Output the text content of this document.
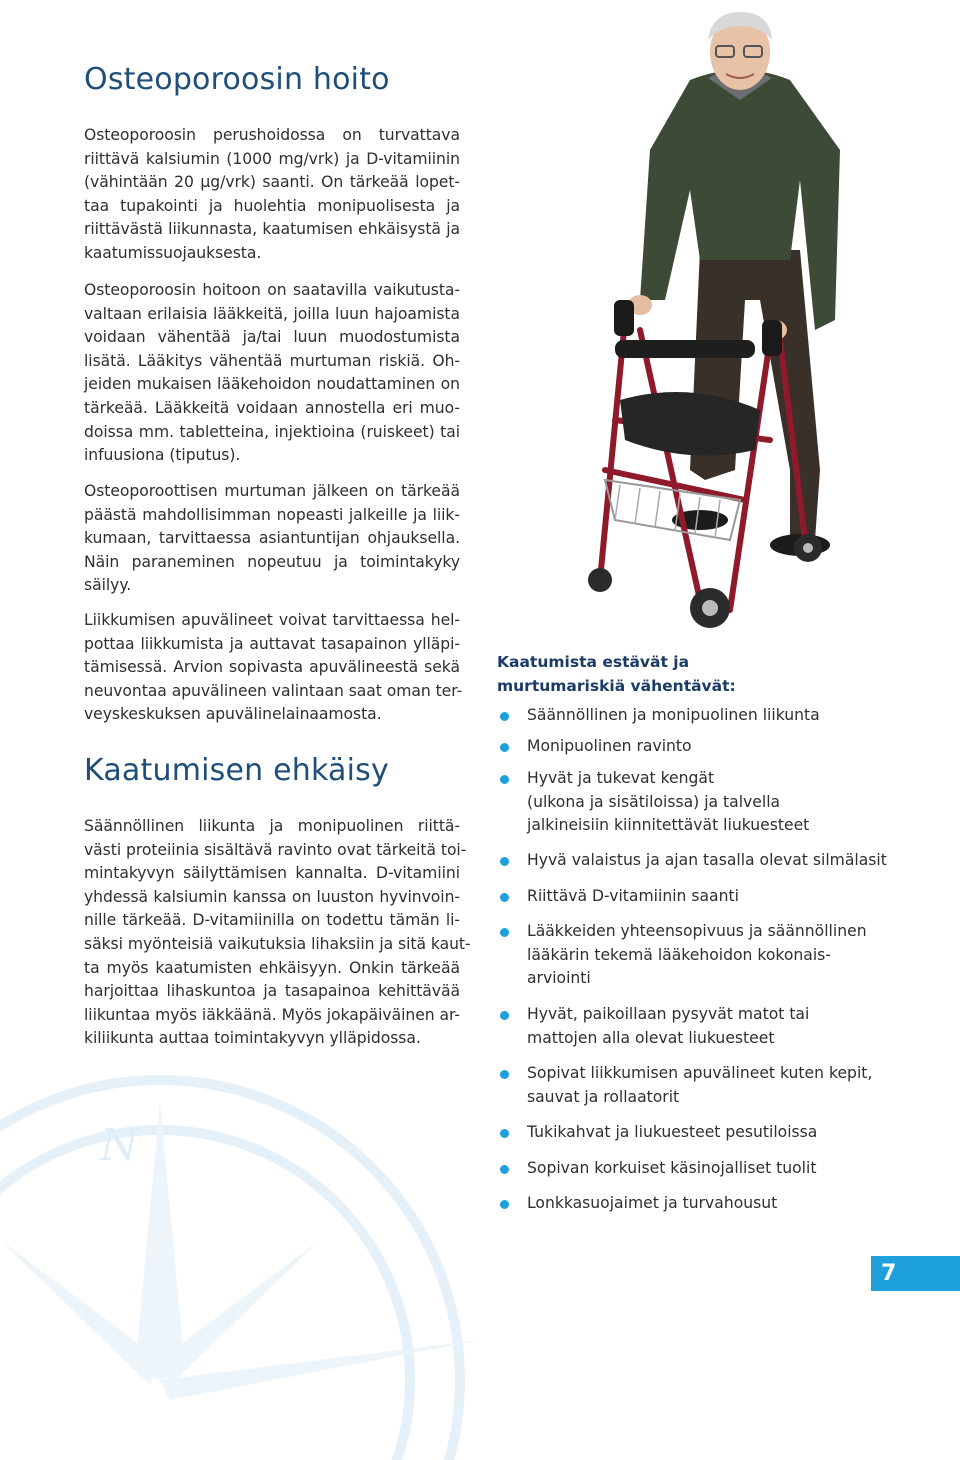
N
Osteoporoosin hoito
Osteoporoosin perushoidossa on turvattava
riittävä kalsiumin (1000 mg/vrk) ja D-vitamiinin
(vähintään 20 µg/vrk) saanti. On tärkeää lopet-
taa tupakointi ja huolehtia monipuolisesta ja
riittävästä liikunnasta, kaatumisen ehkäisystä ja
kaatumissuojauksesta.
Osteoporoosin hoitoon on saatavilla vaikutusta-
valtaan erilaisia lääkkeitä, joilla luun hajoamista
voidaan vähentää ja/tai luun muodostumista
lisätä. Lääkitys vähentää murtuman riskiä. Oh-
jeiden mukaisen lääkehoidon noudattaminen on
tärkeää. Lääkkeitä voidaan annostella eri muo-
doissa mm. tabletteina, injektioina (ruiskeet) tai
infuusiona (tiputus).
Osteoporoottisen murtuman jälkeen on tärkeää
päästä mahdollisimman nopeasti jalkeille ja liik-
kumaan, tarvittaessa asiantuntijan ohjauksella.
Näin paraneminen nopeutuu ja toimintakyky
säilyy.
Liikkumisen apuvälineet voivat tarvittaessa hel-
pottaa liikkumista ja auttavat tasapainon ylläpi-
tämisessä. Arvion sopivasta apuvälineestä sekä
neuvontaa apuvälineen valintaan saat oman ter-
veyskeskuksen apuvälinelainaamosta.
Kaatumisen ehkäisy
Säännöllinen liikunta ja monipuolinen riittä-
västi proteiinia sisältävä ravinto ovat tärkeitä toi-
mintakyvyn säilyttämisen kannalta. D-vitamiini
yhdessä kalsiumin kanssa on luuston hyvinvoin-
nille tärkeää. D-vitamiinilla on todettu tämän li-
säksi myönteisiä vaikutuksia lihaksiin ja sitä kaut-
ta myös kaatumisten ehkäisyyn. Onkin tärkeää
harjoittaa lihaskuntoa ja tasapainoa kehittävää
liikuntaa myös iäkkäänä. Myös jokapäiväinen ar-
kiliikunta auttaa toimintakyvyn ylläpidossa.
Kaatumista estävät ja
murtumariskiä vähentävät:
Säännöllinen ja monipuolinen liikunta
Monipuolinen ravinto
Hyvät ja tukevat kengät
(ulkona ja sisätiloissa) ja talvella
jalkineisiin kiinnitettävät liukuesteet
Hyvä valaistus ja ajan tasalla olevat silmälasit
Riittävä D-vitamiinin saanti
Lääkkeiden yhteensopivuus ja säännöllinen
lääkärin tekemä lääkehoidon kokonais-
arviointi
Hyvät, paikoillaan pysyvät matot tai
mattojen alla olevat liukuesteet
Sopivat liikkumisen apuvälineet kuten kepit,
sauvat ja rollaatorit
Tukikahvat ja liukuesteet pesutiloissa
Sopivan korkuiset käsinojalliset tuolit
Lonkkasuojaimet ja turvahousut
7
